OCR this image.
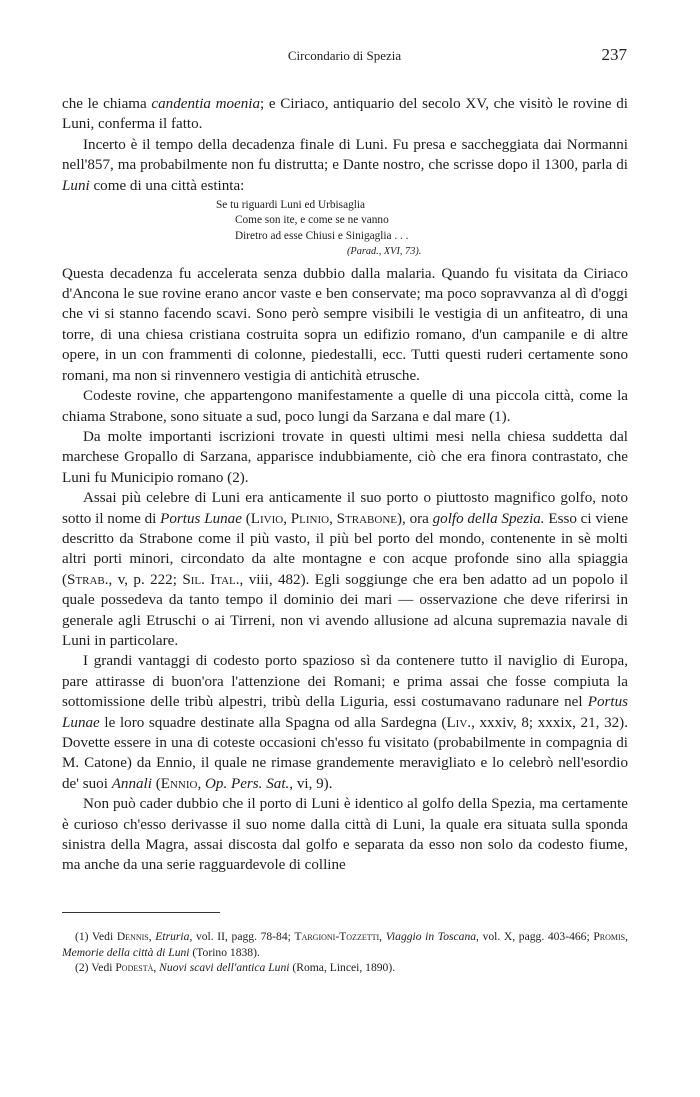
Circondario di Spezia	237

che le chiama candentia moenia; e Ciriaco, antiquario del secolo XV, che visitò le rovine di Luni, conferma il fatto.

Incerto è il tempo della decadenza finale di Luni. Fu presa e saccheggiata dai Normanni nell'857, ma probabilmente non fu distrutta; e Dante nostro, che scrisse dopo il 1300, parla di Luni come di una città estinta:

Se tu riguardi Luni ed Urbisaglia
Come son ite, e come se ne vanno
Diretro ad esse Chiusi e Sinigaglia . . .
(Parad., XVI, 73).

Questa decadenza fu accelerata senza dubbio dalla malaria. Quando fu visitata da Ciriaco d'Ancona le sue rovine erano ancor vaste e ben conservate; ma poco sopravvanza al dì d'oggi che vi si stanno facendo scavi. Sono però sempre visibili le vestigia di un anfiteatro, di una torre, di una chiesa cristiana costruita sopra un edifizio romano, d'un campanile e di altre opere, in un con frammenti di colonne, piedestalli, ecc. Tutti questi ruderi certamente sono romani, ma non si rinvennero vestigia di antichità etrusche.

Codeste rovine, che appartengono manifestamente a quelle di una piccola città, come la chiama Strabone, sono situate a sud, poco lungi da Sarzana e dal mare (1).

Da molte importanti iscrizioni trovate in questi ultimi mesi nella chiesa suddetta dal marchese Gropallo di Sarzana, apparisce indubbiamente, ciò che era finora contrastato, che Luni fu Municipio romano (2).

Assai più celebre di Luni era anticamente il suo porto o piuttosto magnifico golfo, noto sotto il nome di Portus Lunae (Livio, Plinio, Strabone), ora golfo della Spezia. Esso ci viene descritto da Strabone come il più vasto, il più bel porto del mondo, contenente in sè molti altri porti minori, circondato da alte montagne e con acque profonde sino alla spiaggia (Strab., v, p. 222; Sil. Ital., viii, 482). Egli soggiunge che era ben adatto ad un popolo il quale possedeva da tanto tempo il dominio dei mari — osservazione che deve riferirsi in generale agli Etruschi o ai Tirreni, non vi avendo allusione ad alcuna supremazia navale di Luni in particolare.

I grandi vantaggi di codesto porto spazioso sì da contenere tutto il naviglio di Europa, pare attirasse di buon'ora l'attenzione dei Romani; e prima assai che fosse compiuta la sottomissione delle tribù alpestri, tribù della Liguria, essi costumavano radunare nel Portus Lunae le loro squadre destinate alla Spagna od alla Sardegna (Liv., xxxiv, 8; xxxix, 21, 32). Dovette essere in una di coteste occasioni ch'esso fu visitato (probabilmente in compagnia di M. Catone) da Ennio, il quale ne rimase grandemente meravigliato e lo celebrò nell'esordio de' suoi Annali (Ennio, Op. Pers. Sat., vi, 9).

Non può cader dubbio che il porto di Luni è identico al golfo della Spezia, ma certamente è curioso ch'esso derivasse il suo nome dalla città di Luni, la quale era situata sulla sponda sinistra della Magra, assai discosta dal golfo e separata da esso non solo da codesto fiume, ma anche da una serie ragguardevole di colline

(1) Vedi Dennis, Etruria, vol. II, pagg. 78-84; Targioni-Tozzetti, Viaggio in Toscana, vol. X, pagg. 403-466; Promis, Memorie della città di Luni (Torino 1838).

(2) Vedi Podestà, Nuovi scavi dell'antica Luni (Roma, Lincei, 1890).
